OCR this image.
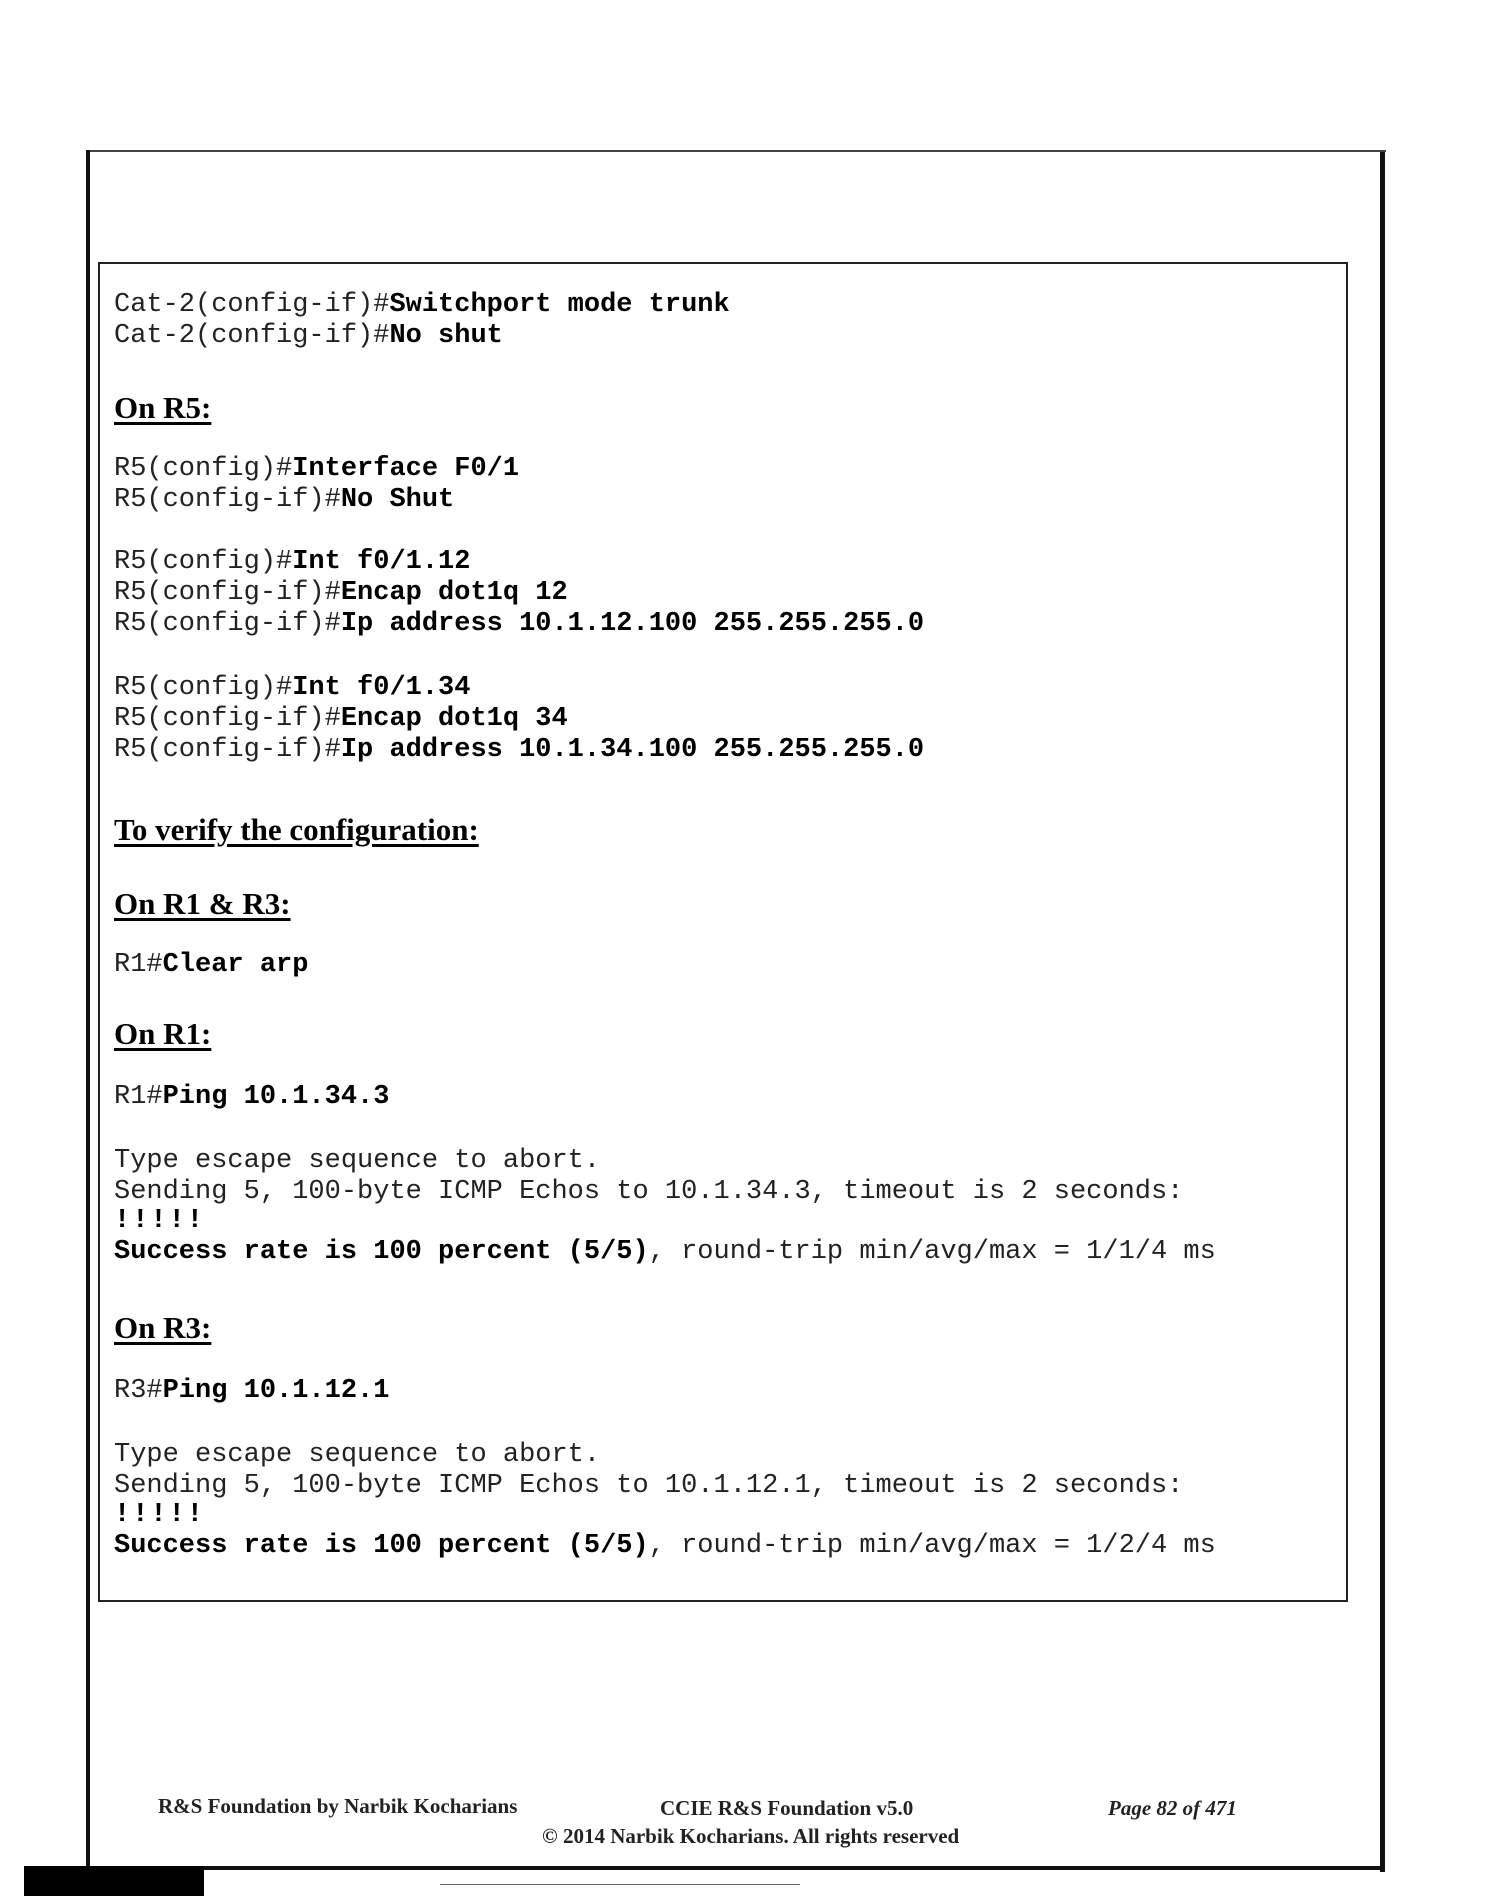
Cat-2(config-if)#Switchport mode trunk
Cat-2(config-if)#No shut
On R5:
R5(config)#Interface F0/1
R5(config-if)#No Shut
R5(config)#Int f0/1.12
R5(config-if)#Encap dot1q 12
R5(config-if)#Ip address 10.1.12.100 255.255.255.0
R5(config)#Int f0/1.34
R5(config-if)#Encap dot1q 34
R5(config-if)#Ip address 10.1.34.100 255.255.255.0
To verify the configuration:
On R1 & R3:
R1#Clear arp
On R1:
R1#Ping 10.1.34.3
Type escape sequence to abort.
Sending 5, 100-byte ICMP Echos to 10.1.34.3, timeout is 2 seconds:
!!!!!
Success rate is 100 percent (5/5), round-trip min/avg/max = 1/1/4 ms
On R3:
R3#Ping 10.1.12.1
Type escape sequence to abort.
Sending 5, 100-byte ICMP Echos to 10.1.12.1, timeout is 2 seconds:
!!!!!
Success rate is 100 percent (5/5), round-trip min/avg/max = 1/2/4 ms
R&S Foundation by Narbik Kocharians	CCIE R&S Foundation v5.0	Page 82 of 471
© 2014 Narbik Kocharians. All rights reserved
